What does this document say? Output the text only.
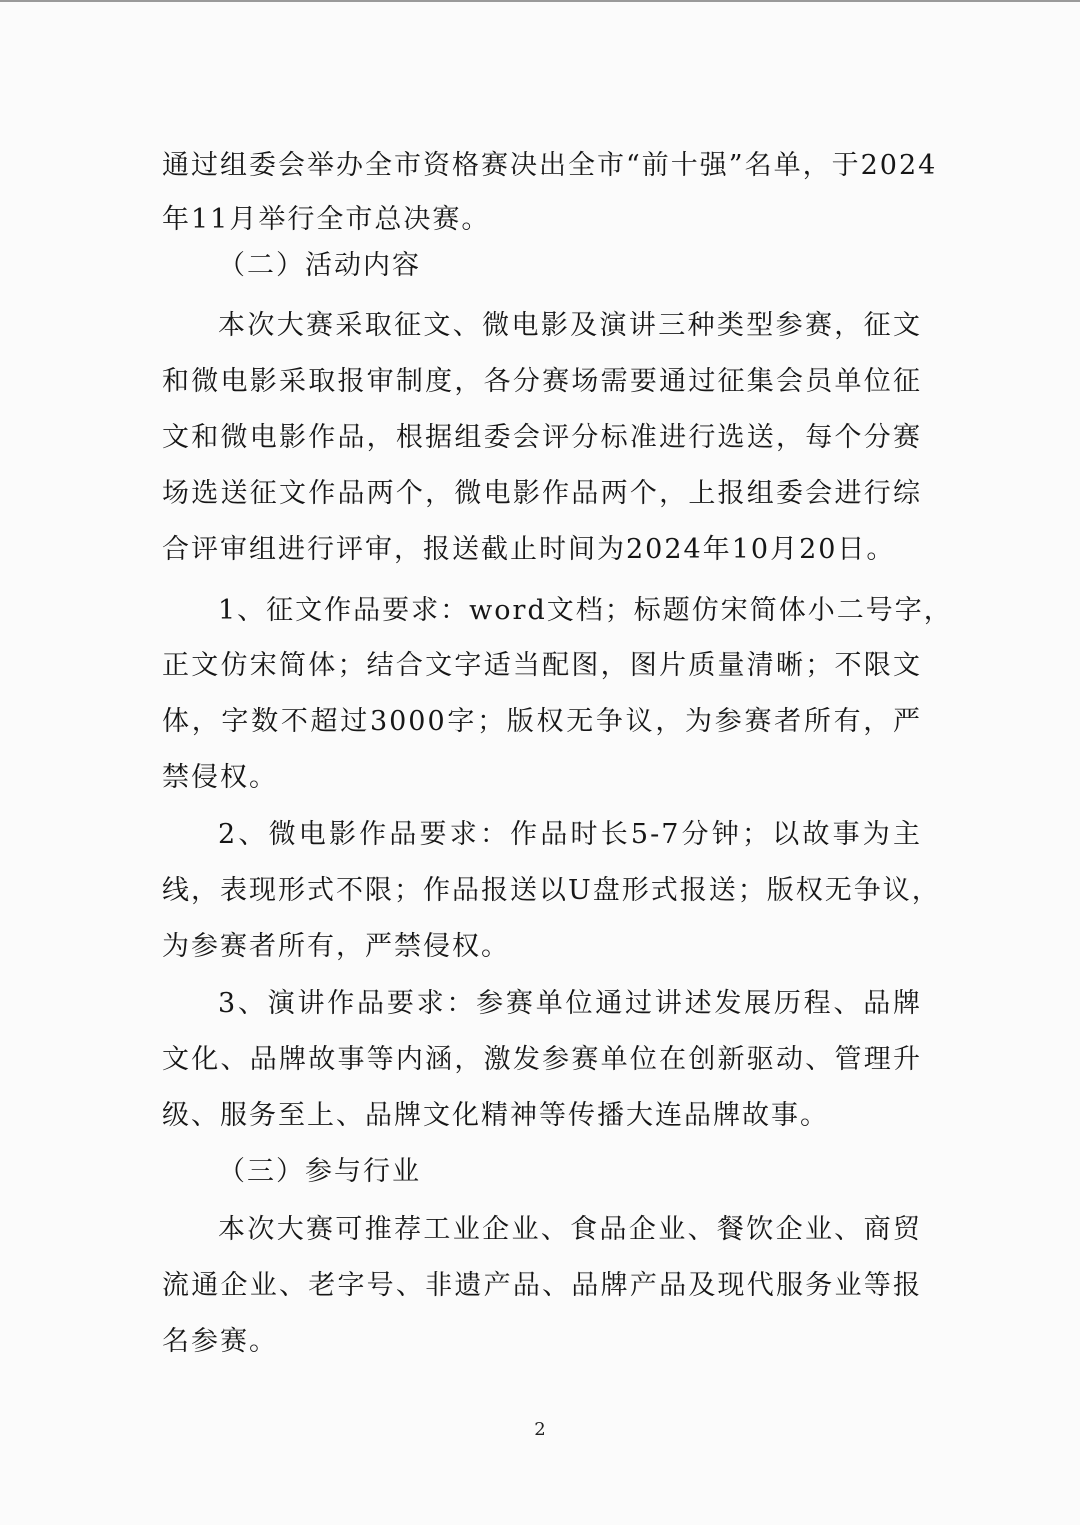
通过组委会举办全市资格赛决出全市“前十强”名单，于2024
年11月举行全市总决赛。
（二）活动内容
本次大赛采取征文、微电影及演讲三种类型参赛，征文
和微电影采取报审制度，各分赛场需要通过征集会员单位征
文和微电影作品，根据组委会评分标准进行选送，每个分赛
场选送征文作品两个，微电影作品两个，上报组委会进行综
合评审组进行评审，报送截止时间为2024年10月20日。
1、征文作品要求：word文档；标题仿宋简体小二号字，
正文仿宋简体；结合文字适当配图，图片质量清晰；不限文
体，字数不超过3000字；版权无争议，为参赛者所有，严
禁侵权。
2、微电影作品要求：作品时长5-7分钟；以故事为主
线，表现形式不限；作品报送以U盘形式报送；版权无争议，
为参赛者所有，严禁侵权。
3、演讲作品要求：参赛单位通过讲述发展历程、品牌
文化、品牌故事等内涵，激发参赛单位在创新驱动、管理升
级、服务至上、品牌文化精神等传播大连品牌故事。
（三）参与行业
本次大赛可推荐工业企业、食品企业、餐饮企业、商贸
流通企业、老字号、非遗产品、品牌产品及现代服务业等报
名参赛。
2
